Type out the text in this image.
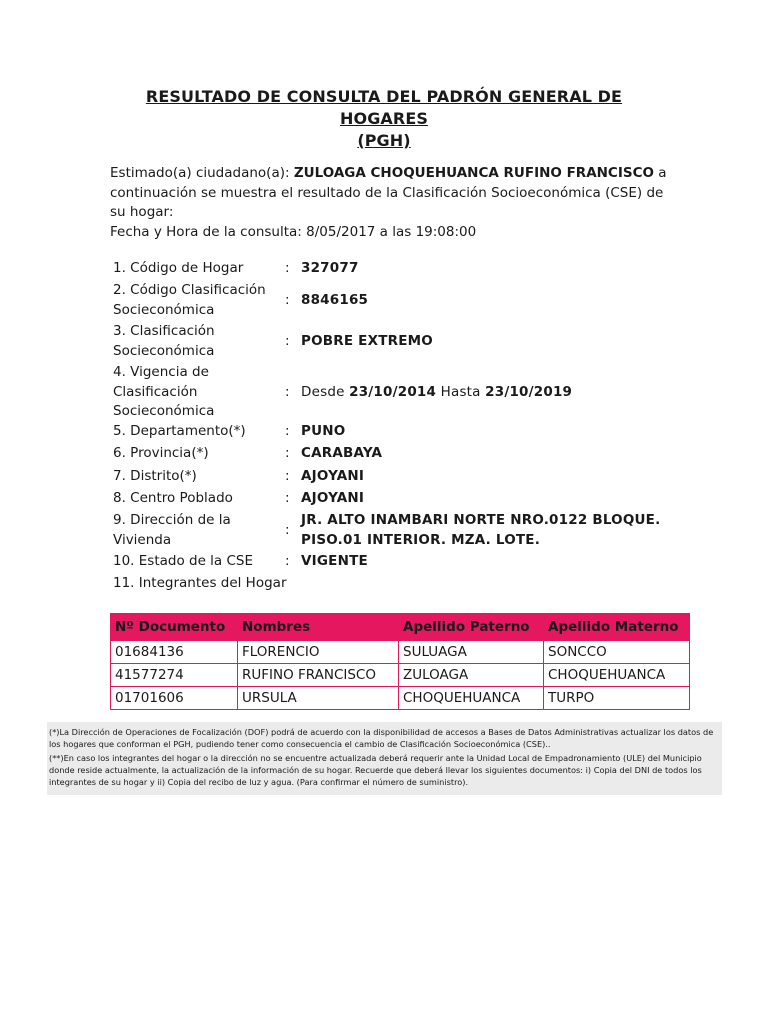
RESULTADO DE CONSULTA DEL PADRÓN GENERAL DE HOGARES
(PGH)
Estimado(a) ciudadano(a): ZULOAGA CHOQUEHUANCA RUFINO FRANCISCO a continuación se muestra el resultado de la Clasificación Socioeconómica (CSE) de su hogar:
Fecha y Hora de la consulta: 8/05/2017 a las 19:08:00
1. Código de Hogar	: 327077
2. Código Clasificación Socieconómica
: 8846165
3. Clasificación Socieconómica
: POBRE EXTREMO
4. Vigencia de Clasificación Socieconómica
: Desde 23/10/2014 Hasta 23/10/2019
5. Departamento(*)	: PUNO
6. Provincia(*)	: CARABAYA
7. Distrito(*)	: AJOYANI
8. Centro Poblado	: AJOYANI
9. Dirección de la Vivienda
:
JR. ALTO INAMBARI NORTE NRO.0122 BLOQUE. PISO.01 INTERIOR. MZA. LOTE.
10. Estado de la CSE	: VIGENTE
11. Integrantes del Hogar
Nº Documento	Nombres	Apellido Paterno	Apellido Materno
01684136	FLORENCIO	SULUAGA	SONCCO
41577274	RUFINO FRANCISCO	ZULOAGA	CHOQUEHUANCA
01701606	URSULA	CHOQUEHUANCA	TURPO

(*)La Dirección de Operaciones de Focalización (DOF) podrá de acuerdo con la disponibilidad de accesos a Bases de Datos Administrativas actualizar los datos de los hogares que conforman el PGH, pudiendo tener como consecuencia el cambio de Clasificación Socioeconómica (CSE)..

(**)En caso los integrantes del hogar o la dirección no se encuentre actualizada deberá requerir ante la Unidad Local de Empadronamiento (ULE) del Municipio donde reside actualmente, la actualización de la información de su hogar. Recuerde que deberá llevar los siguientes documentos: i) Copia del DNI de todos los integrantes de su hogar y ii) Copia del recibo de luz y agua. (Para confirmar el número de suministro).
